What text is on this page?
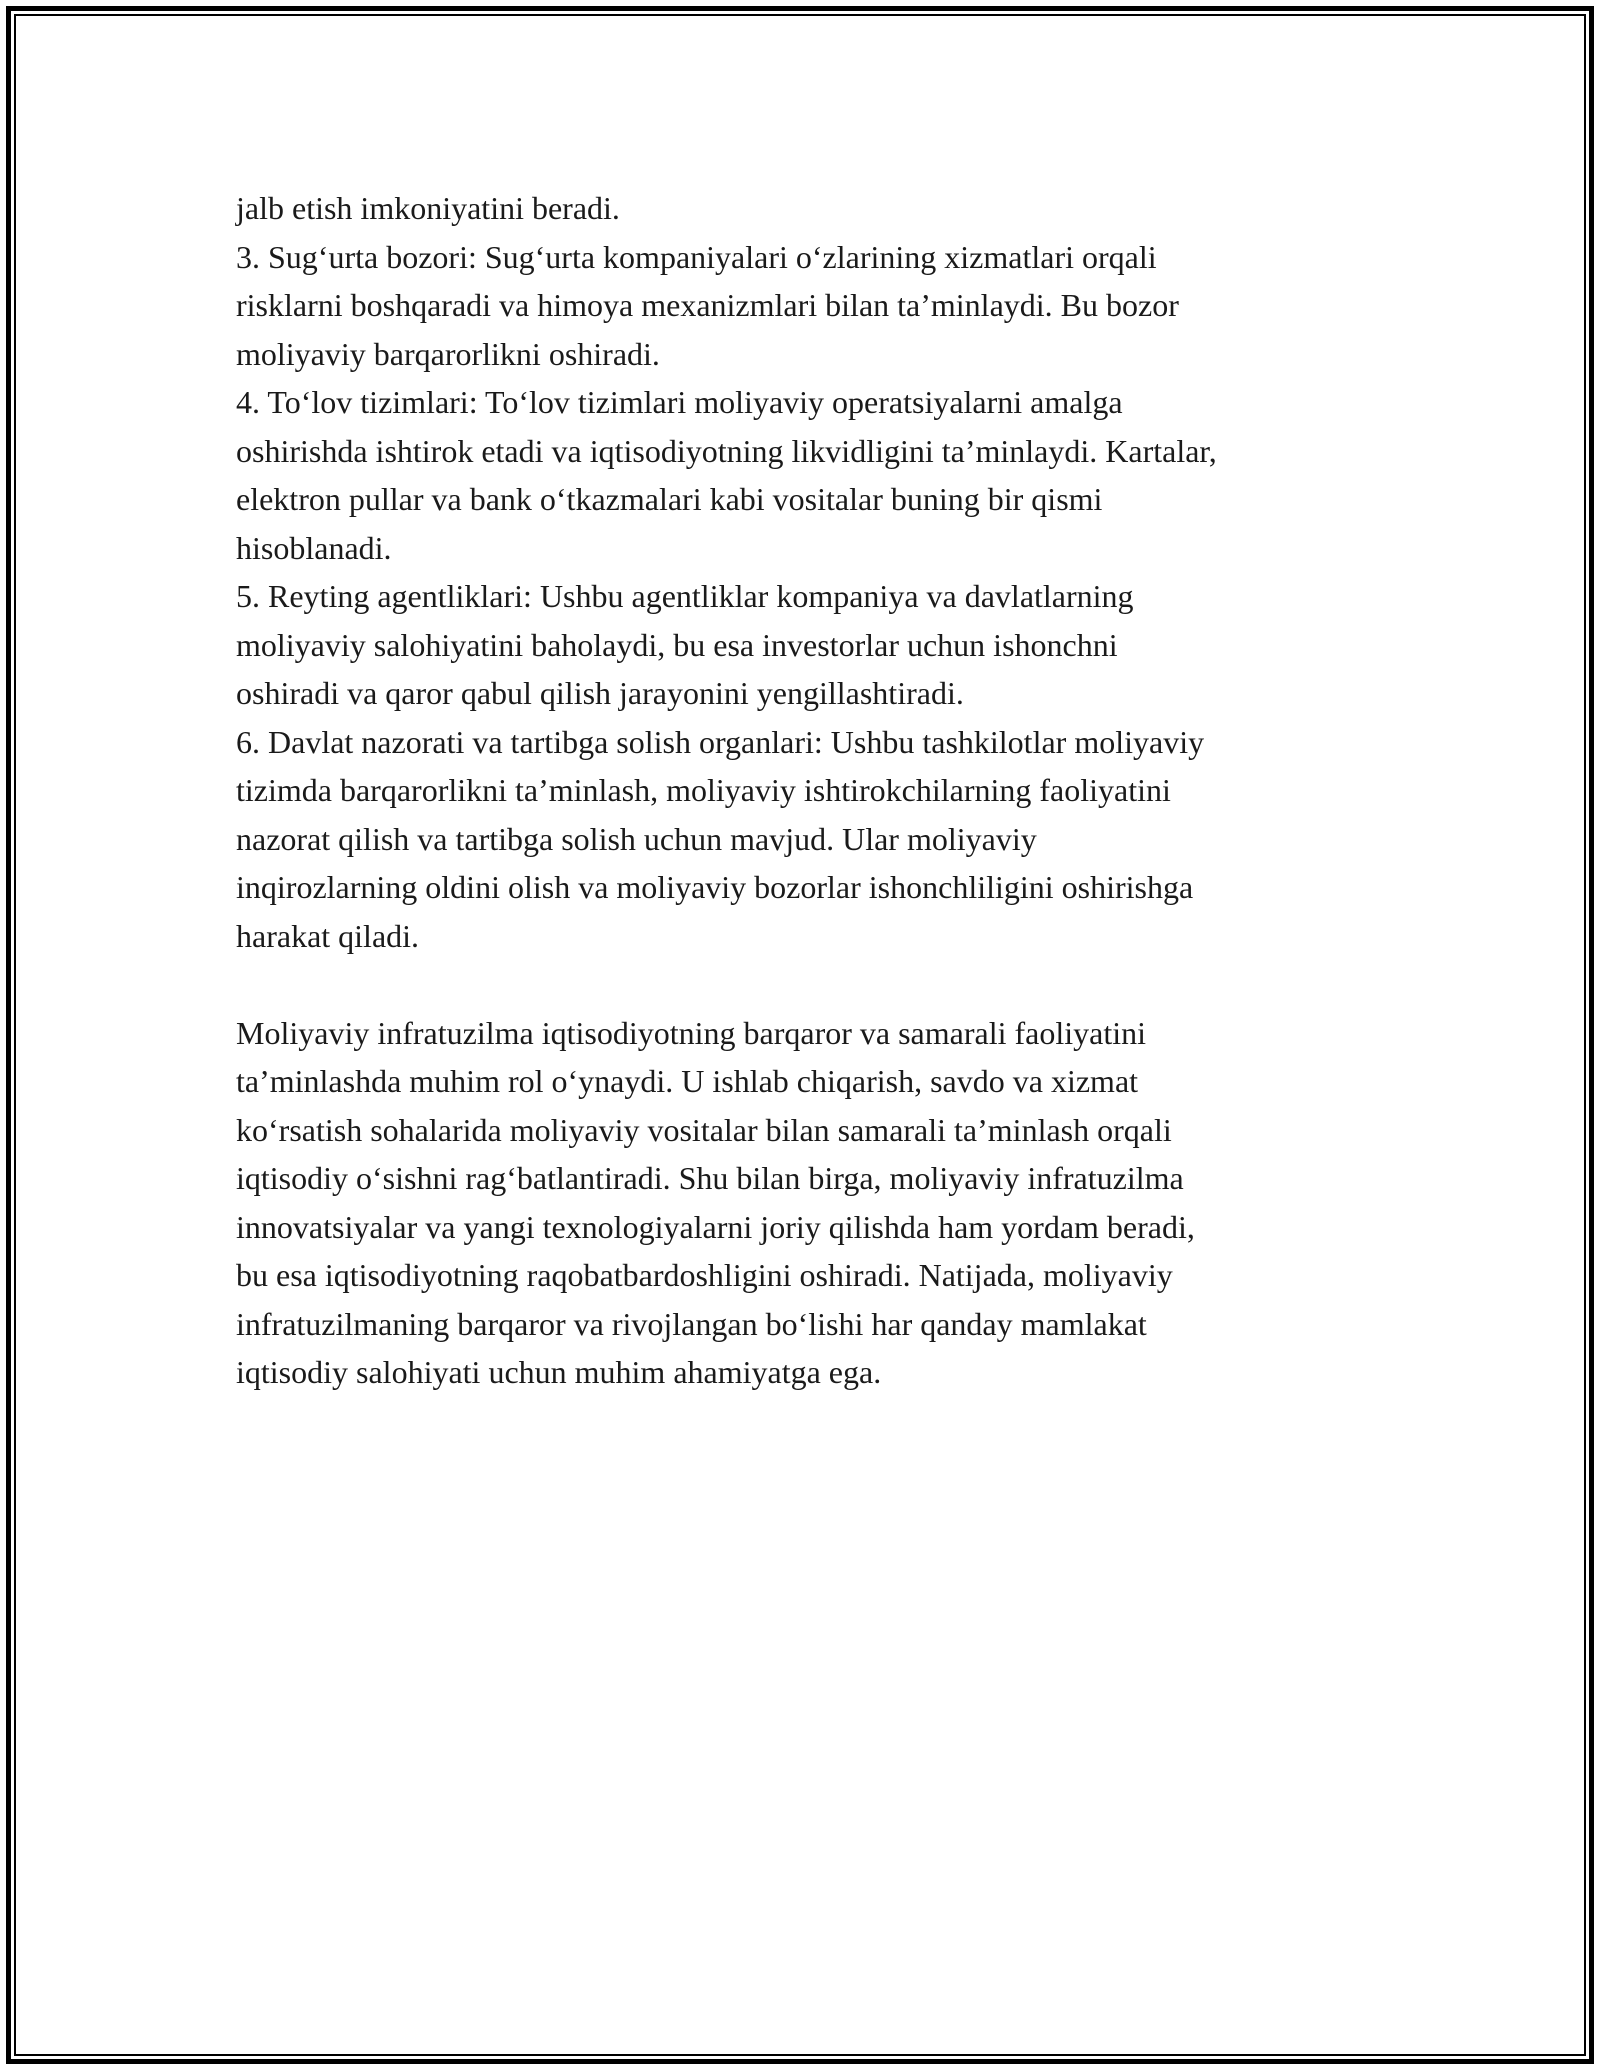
jalb etish imkoniyatini beradi.
3. Sug‘urta bozori: Sug‘urta kompaniyalari o‘zlarining xizmatlari orqali
risklarni boshqaradi va himoya mexanizmlari bilan ta’minlaydi. Bu bozor
moliyaviy barqarorlikni oshiradi.
4. To‘lov tizimlari: To‘lov tizimlari moliyaviy operatsiyalarni amalga
oshirishda ishtirok etadi va iqtisodiyotning likvidligini ta’minlaydi. Kartalar,
elektron pullar va bank o‘tkazmalari kabi vositalar buning bir qismi
hisoblanadi.
5. Reyting agentliklari: Ushbu agentliklar kompaniya va davlatlarning
moliyaviy salohiyatini baholaydi, bu esa investorlar uchun ishonchni
oshiradi va qaror qabul qilish jarayonini yengillashtiradi.
6. Davlat nazorati va tartibga solish organlari: Ushbu tashkilotlar moliyaviy
tizimda barqarorlikni ta’minlash, moliyaviy ishtirokchilarning faoliyatini
nazorat qilish va tartibga solish uchun mavjud. Ular moliyaviy
inqirozlarning oldini olish va moliyaviy bozorlar ishonchliligini oshirishga
harakat qiladi.
Moliyaviy infratuzilma iqtisodiyotning barqaror va samarali faoliyatini
ta’minlashda muhim rol o‘ynaydi. U ishlab chiqarish, savdo va xizmat
ko‘rsatish sohalarida moliyaviy vositalar bilan samarali ta’minlash orqali
iqtisodiy o‘sishni rag‘batlantiradi. Shu bilan birga, moliyaviy infratuzilma
innovatsiyalar va yangi texnologiyalarni joriy qilishda ham yordam beradi,
bu esa iqtisodiyotning raqobatbardoshligini oshiradi. Natijada, moliyaviy
infratuzilmaning barqaror va rivojlangan bo‘lishi har qanday mamlakat
iqtisodiy salohiyati uchun muhim ahamiyatga ega.
